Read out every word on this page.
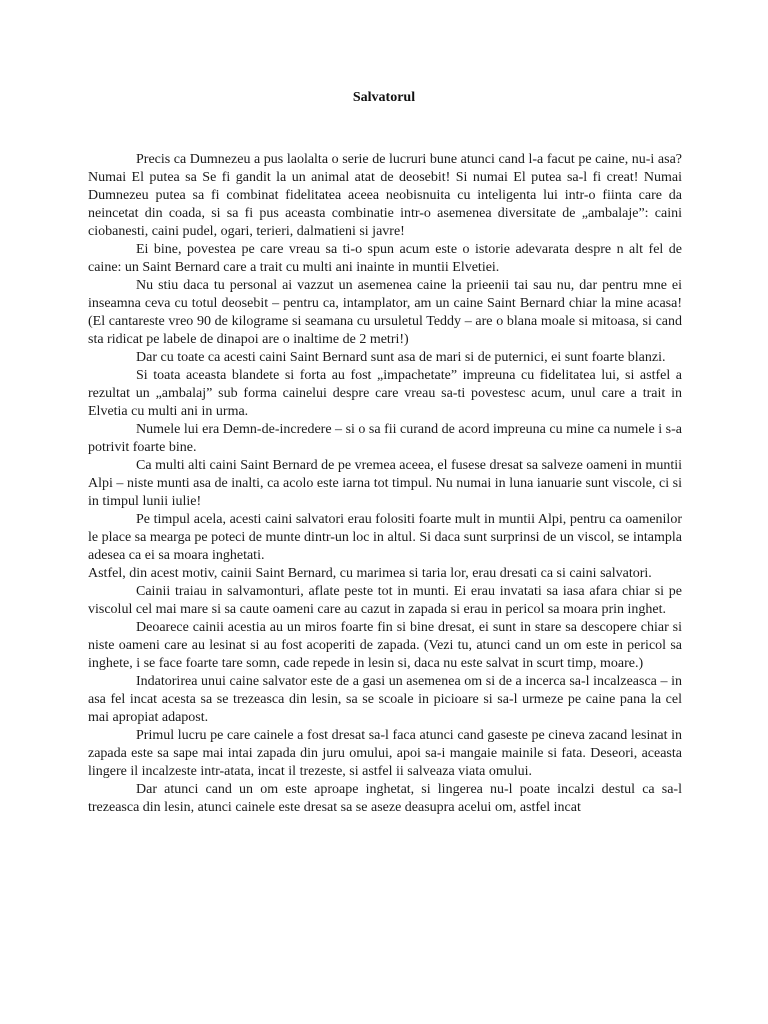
Salvatorul

Precis ca Dumnezeu a pus laolalta o serie de lucruri bune atunci cand l-a facut pe caine, nu-i asa? Numai El putea sa Se fi gandit la un animal atat de deosebit! Si numai El putea sa-l fi creat! Numai Dumnezeu putea sa fi combinat fidelitatea aceea neobisnuita cu inteligenta lui intr-o fiinta care da neincetat din coada, si sa fi pus aceasta combinatie intr-o asemenea diversitate de „ambalaje”: caini ciobanesti, caini pudel, ogari, terieri, dalmatieni si javre!

Ei bine, povestea pe care vreau sa ti-o spun acum este o istorie adevarata despre n alt fel de caine: un Saint Bernard care a trait cu multi ani inainte in muntii Elvetiei.

Nu stiu daca tu personal ai vazzut un asemenea caine la prieenii tai sau nu, dar pentru mne ei inseamna ceva cu totul deosebit – pentru ca, intamplator, am un caine Saint Bernard chiar la mine acasa! (El cantareste vreo 90 de kilograme si seamana cu ursuletul Teddy – are o blana moale si mitoasa, si cand sta ridicat pe labele de dinapoi are o inaltime de 2 metri!)

Dar cu toate ca acesti caini Saint Bernard sunt asa de mari si de puternici, ei sunt foarte blanzi.

Si toata aceasta blandete si forta au fost „impachetate” impreuna cu fidelitatea lui, si astfel a rezultat un „ambalaj” sub forma cainelui despre care vreau sa-ti povestesc acum, unul care a trait in Elvetia cu multi ani in urma.

Numele lui era Demn-de-incredere – si o sa fii curand de acord impreuna cu mine ca numele i s-a potrivit foarte bine.

Ca multi alti caini Saint Bernard de pe vremea aceea, el fusese dresat sa salveze oameni in muntii Alpi – niste munti asa de inalti, ca acolo este iarna tot timpul. Nu numai in luna ianuarie sunt viscole, ci si in timpul lunii iulie!

Pe timpul acela, acesti caini salvatori erau folositi foarte mult in muntii Alpi, pentru ca oamenilor le place sa mearga pe poteci de munte dintr-un loc in altul. Si daca sunt surprinsi de un viscol, se intampla adesea ca ei sa moara inghetati.

Astfel, din acest motiv, cainii Saint Bernard, cu marimea si taria lor, erau dresati ca si caini salvatori.

Cainii traiau in salvamonturi, aflate peste tot in munti. Ei erau invatati sa iasa afara chiar si pe viscolul cel mai mare si sa caute oameni care au cazut in zapada si erau in pericol sa moara prin inghet.

Deoarece cainii acestia au un miros foarte fin si bine dresat, ei sunt in stare sa descopere chiar si niste oameni care au lesinat si au fost acoperiti de zapada. (Vezi tu, atunci cand un om este in pericol sa inghete, i se face foarte tare somn, cade repede in lesin si, daca nu este salvat in scurt timp, moare.)

Indatorirea unui caine salvator este de a gasi un asemenea om si de a incerca sa-l incalzeasca – in asa fel incat acesta sa se trezeasca din lesin, sa se scoale in picioare si sa-l urmeze pe caine pana la cel mai apropiat adapost.

Primul lucru pe care cainele a fost dresat sa-l faca atunci cand gaseste pe cineva zacand lesinat in zapada este sa sape mai intai zapada din juru omului, apoi sa-i mangaie mainile si fata. Deseori, aceasta lingere il incalzeste intr-atata, incat il trezeste, si astfel ii salveaza viata omului.

Dar atunci cand un om este aproape inghetat, si lingerea nu-l poate incalzi destul ca sa-l trezeasca din lesin, atunci cainele este dresat sa se aseze deasupra acelui om, astfel incat
